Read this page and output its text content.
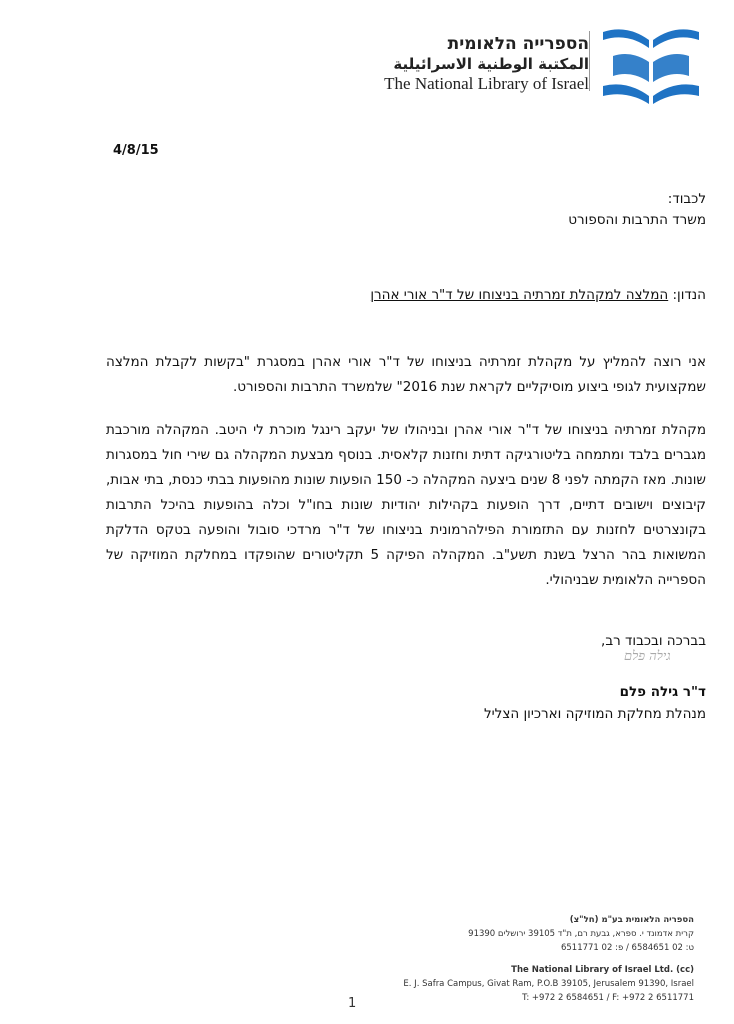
הספרייה הלאומית
المكتبة الوطنية الاسرائيلية
The National Library of Israel
4/8/15
לכבוד:
משרד התרבות והספורט
הנדון: המלצה למקהלת זמרתיה בניצוחו של ד"ר אורי אהרן
אני רוצה להמליץ על מקהלת זמרתיה בניצוחו של ד"ר אורי אהרן במסגרת "בקשות לקבלת המלצה שמקצועית לגופי ביצוע מוסיקליים לקראת שנת 2016" שלמשרד התרבות והספורט.
מקהלת זמרתיה בניצוחו של ד"ר אורי אהרן ובניהולו של יעקב רינגל מוכרת לי היטב. המקהלה מורכבת מגברים בלבד ומתמחה בליטורגיקה דתית וחזנות קלאסית. בנוסף מבצעת המקהלה גם שירי חול במסגרות שונות. מאז הקמתה לפני 8 שנים ביצעה המקהלה כ- 150 הופעות שונות מהופעות בבתי כנסת, בתי אבות, קיבוצים וישובים דתיים, דרך הופעות בקהילות יהודיות שונות בחו"ל וכלה בהופעות בהיכל התרבות בקונצרטים לחזנות עם התזמורת הפילהרמונית בניצוחו של ד"ר מרדכי סובול והופעה בטקס הדלקת המשואות בהר הרצל בשנת תשע"ב. המקהלה הפיקה 5 תקליטורים שהופקדו במחלקת המוזיקה של הספרייה הלאומית שבניהולי.
בברכה ובכבוד רב,
גילה פלם
ד"ר גילה פלם
מנהלת מחלקת המוזיקה וארכיון הצליל
הספריה הלאומית בע"מ (חל"צ)
קרית אדמונד י. ספרא, גבעת רם, ת"ד 39105 ירושלים 91390
ט: 02 6584651 / פ: 02 6511771
The National Library of Israel Ltd. (cc)
E. J. Safra Campus, Givat Ram, P.O.B 39105, Jerusalem 91390, Israel
T: +972 2 6584651 / F: +972 2 6511771
1
